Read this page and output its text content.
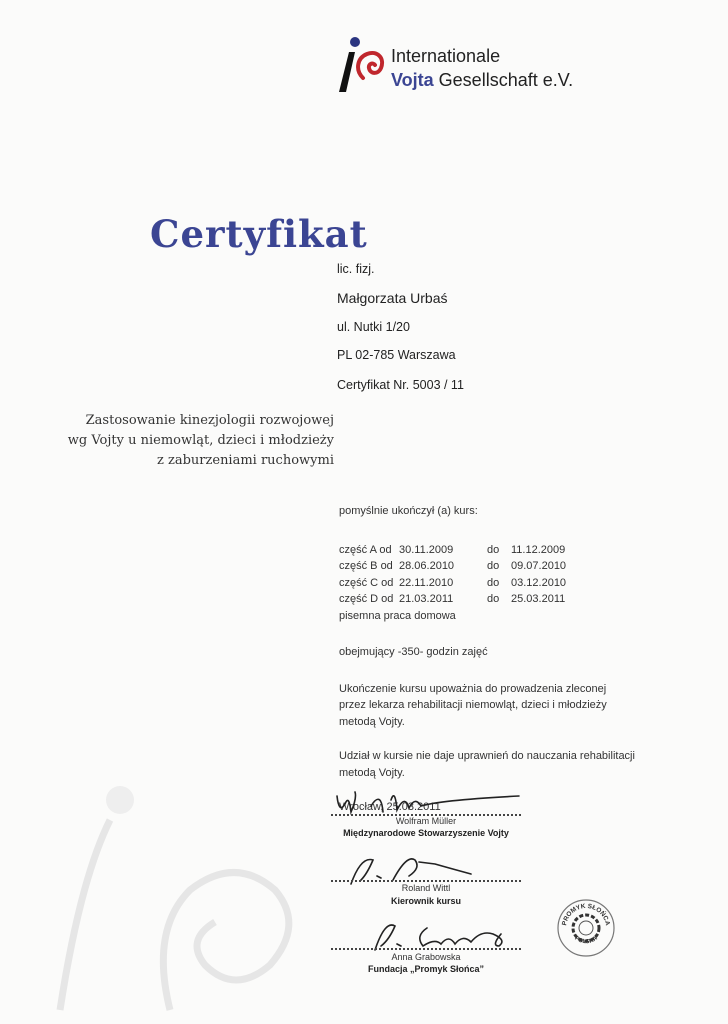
Internationale
Vojta Gesellschaft e.V.
Certyfikat
lic. fizj.
Małgorzata Urbaś
ul. Nutki 1/20
PL 02-785 Warszawa
Certyfikat Nr. 5003 / 11
Zastosowanie kinezjologii rozwojowej
wg Vojty u niemowląt, dzieci i młodzieży
z zaburzeniami ruchowymi
pomyślnie ukończył (a) kurs:
część A od 30.11.2009	do	11.12.2009
część B od 28.06.2010	do	09.07.2010
część C od 22.11.2010	do	03.12.2010
część D od 21.03.2011	do	25.03.2011
pisemna praca domowa
obejmujący -350- godzin zajęć
Ukończenie kursu upoważnia do prowadzenia zleconej
przez lekarza rehabilitacji niemowląt, dzieci i młodzieży
metodą Vojty.
Udział w kursie nie daje uprawnień do nauczania rehabilitacji
metodą Vojty.
Wrocław, 25.03.2011
Wolfram Müller
Międzynarodowe Stowarzyszenie Vojty
Roland Wittl
Kierownik kursu
Anna Grabowska
Fundacja „Promyk Słońca”
PROMYK SŁOŃCA
POLSKA
